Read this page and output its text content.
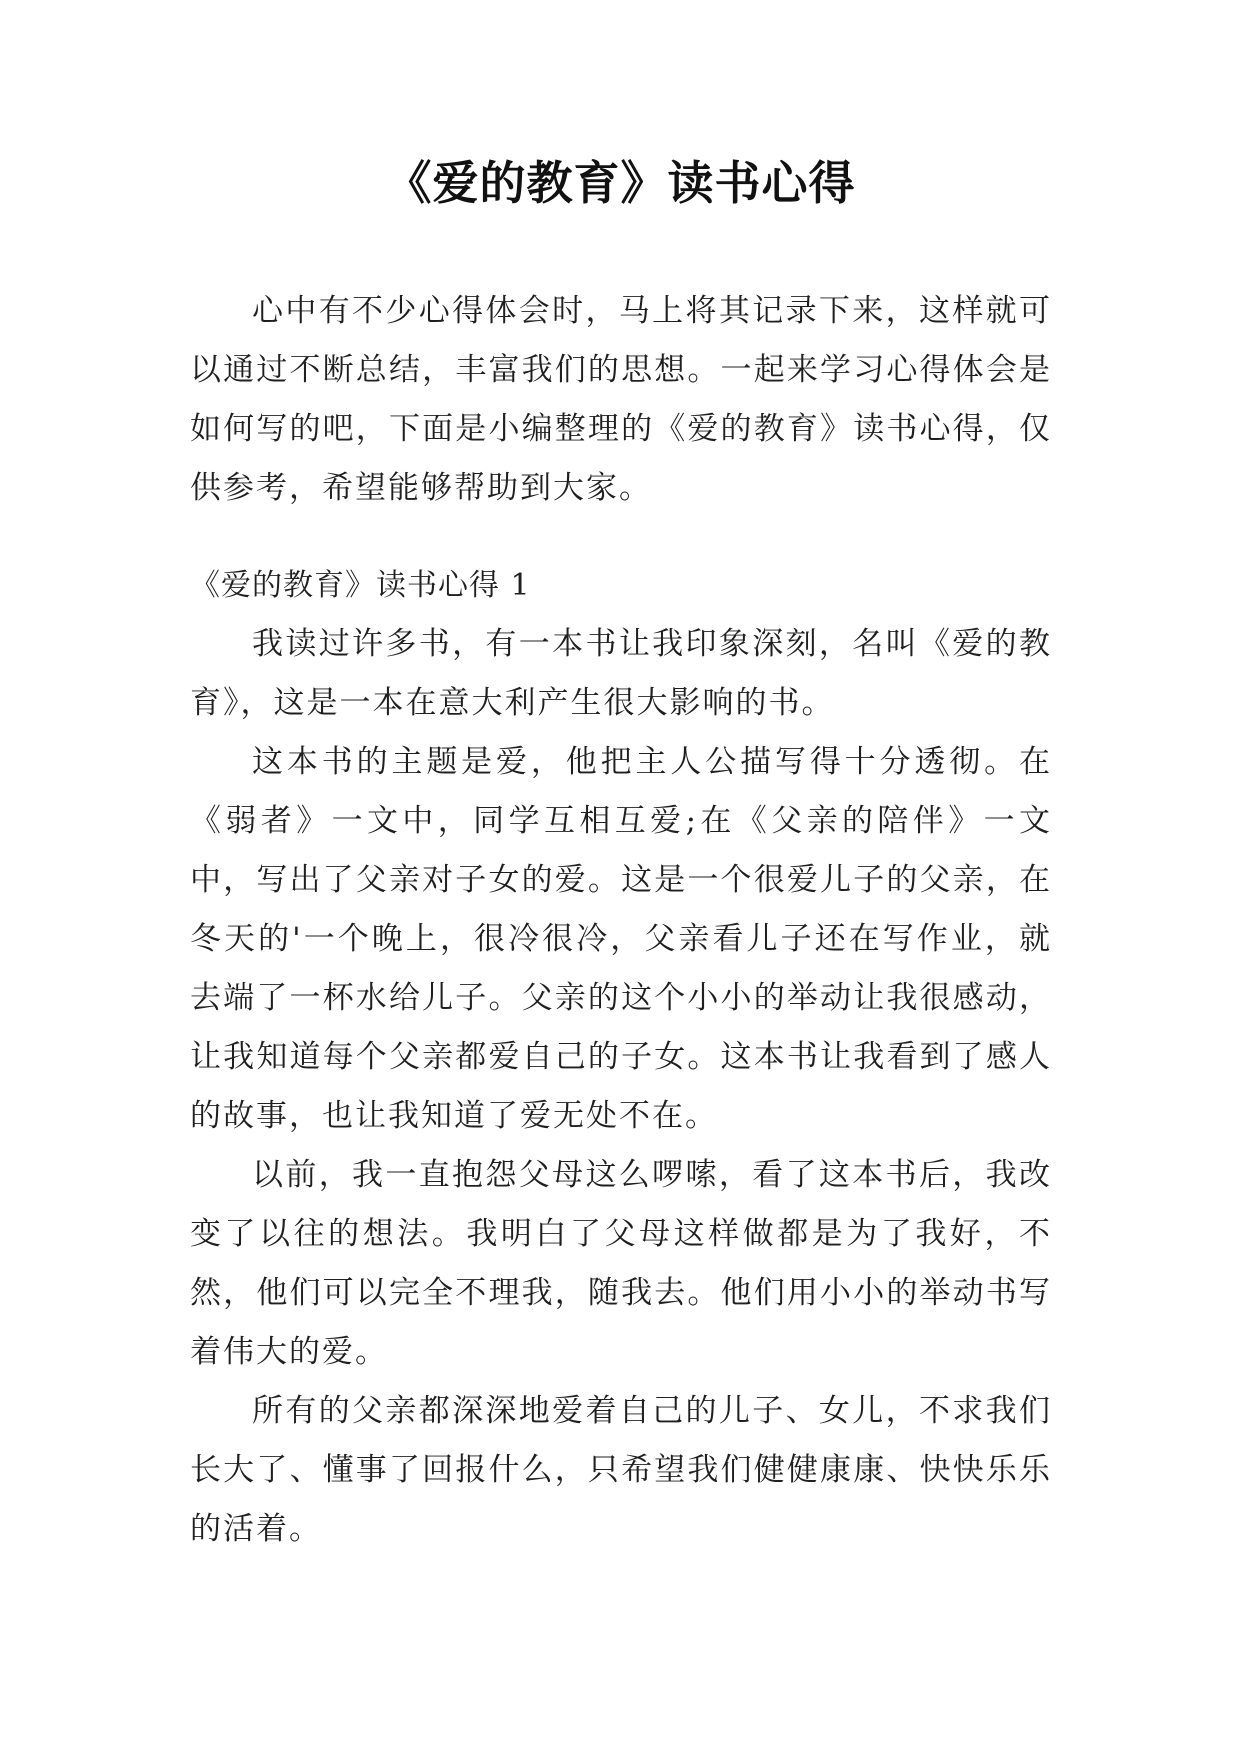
《爱的教育》读书心得

心中有不少心得体会时，马上将其记录下来，这样就可以通过不断总结，丰富我们的思想。一起来学习心得体会是如何写的吧，下面是小编整理的《爱的教育》读书心得，仅供参考，希望能够帮助到大家。

《爱的教育》读书心得 1

我读过许多书，有一本书让我印象深刻，名叫《爱的教育》，这是一本在意大利产生很大影响的书。

这本书的主题是爱，他把主人公描写得十分透彻。在《弱者》一文中，同学互相互爱;在《父亲的陪伴》一文中，写出了父亲对子女的爱。这是一个很爱儿子的父亲，在冬天的'一个晚上，很冷很冷，父亲看儿子还在写作业，就去端了一杯水给儿子。父亲的这个小小的举动让我很感动，让我知道每个父亲都爱自己的子女。这本书让我看到了感人的故事，也让我知道了爱无处不在。

以前，我一直抱怨父母这么啰嗦，看了这本书后，我改变了以往的想法。我明白了父母这样做都是为了我好，不然，他们可以完全不理我，随我去。他们用小小的举动书写着伟大的爱。

所有的父亲都深深地爱着自己的儿子、女儿，不求我们长大了、懂事了回报什么，只希望我们健健康康、快快乐乐的活着。
